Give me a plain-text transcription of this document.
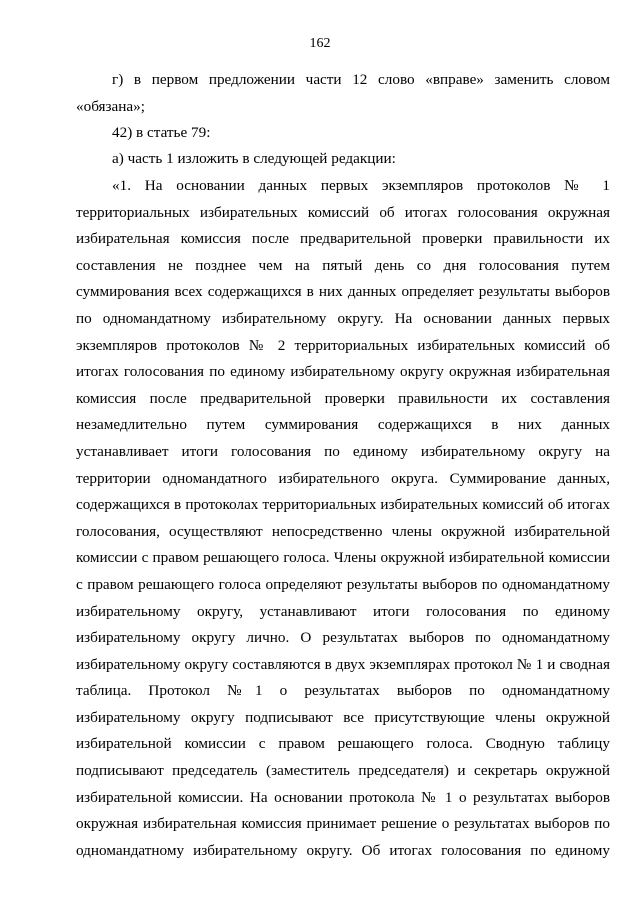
162

г) в первом предложении части 12 слово «вправе» заменить словом «обязана»;

42) в статье 79:

а) часть 1 изложить в следующей редакции:

«1. На основании данных первых экземпляров протоколов № 1 территориальных избирательных комиссий об итогах голосования окружная избирательная комиссия после предварительной проверки правильности их составления не позднее чем на пятый день со дня голосования путем суммирования всех содержащихся в них данных определяет результаты выборов по одномандатному избирательному округу. На основании данных первых экземпляров протоколов № 2 территориальных избирательных комиссий об итогах голосования по единому избирательному округу окружная избирательная комиссия после предварительной проверки правильности их составления незамедлительно путем суммирования содержащихся в них данных устанавливает итоги голосования по единому избирательному округу на территории одномандатного избирательного округа. Суммирование данных, содержащихся в протоколах территориальных избирательных комиссий об итогах голосования, осуществляют непосредственно члены окружной избирательной комиссии с правом решающего голоса. Члены окружной избирательной комиссии с правом решающего голоса определяют результаты выборов по одномандатному избирательному округу, устанавливают итоги голосования по единому избирательному округу лично. О результатах выборов по одномандатному избирательному округу составляются в двух экземплярах протокол № 1 и сводная таблица. Протокол №1 о результатах выборов по одномандатному избирательному округу подписывают все присутствующие члены окружной избирательной комиссии с правом решающего голоса. Сводную таблицу подписывают председатель (заместитель председателя) и секретарь окружной избирательной комиссии. На основании протокола № 1 о результатах выборов окружная избирательная комиссия принимает решение о результатах выборов по одномандатному избирательному округу. Об итогах голосования по единому
